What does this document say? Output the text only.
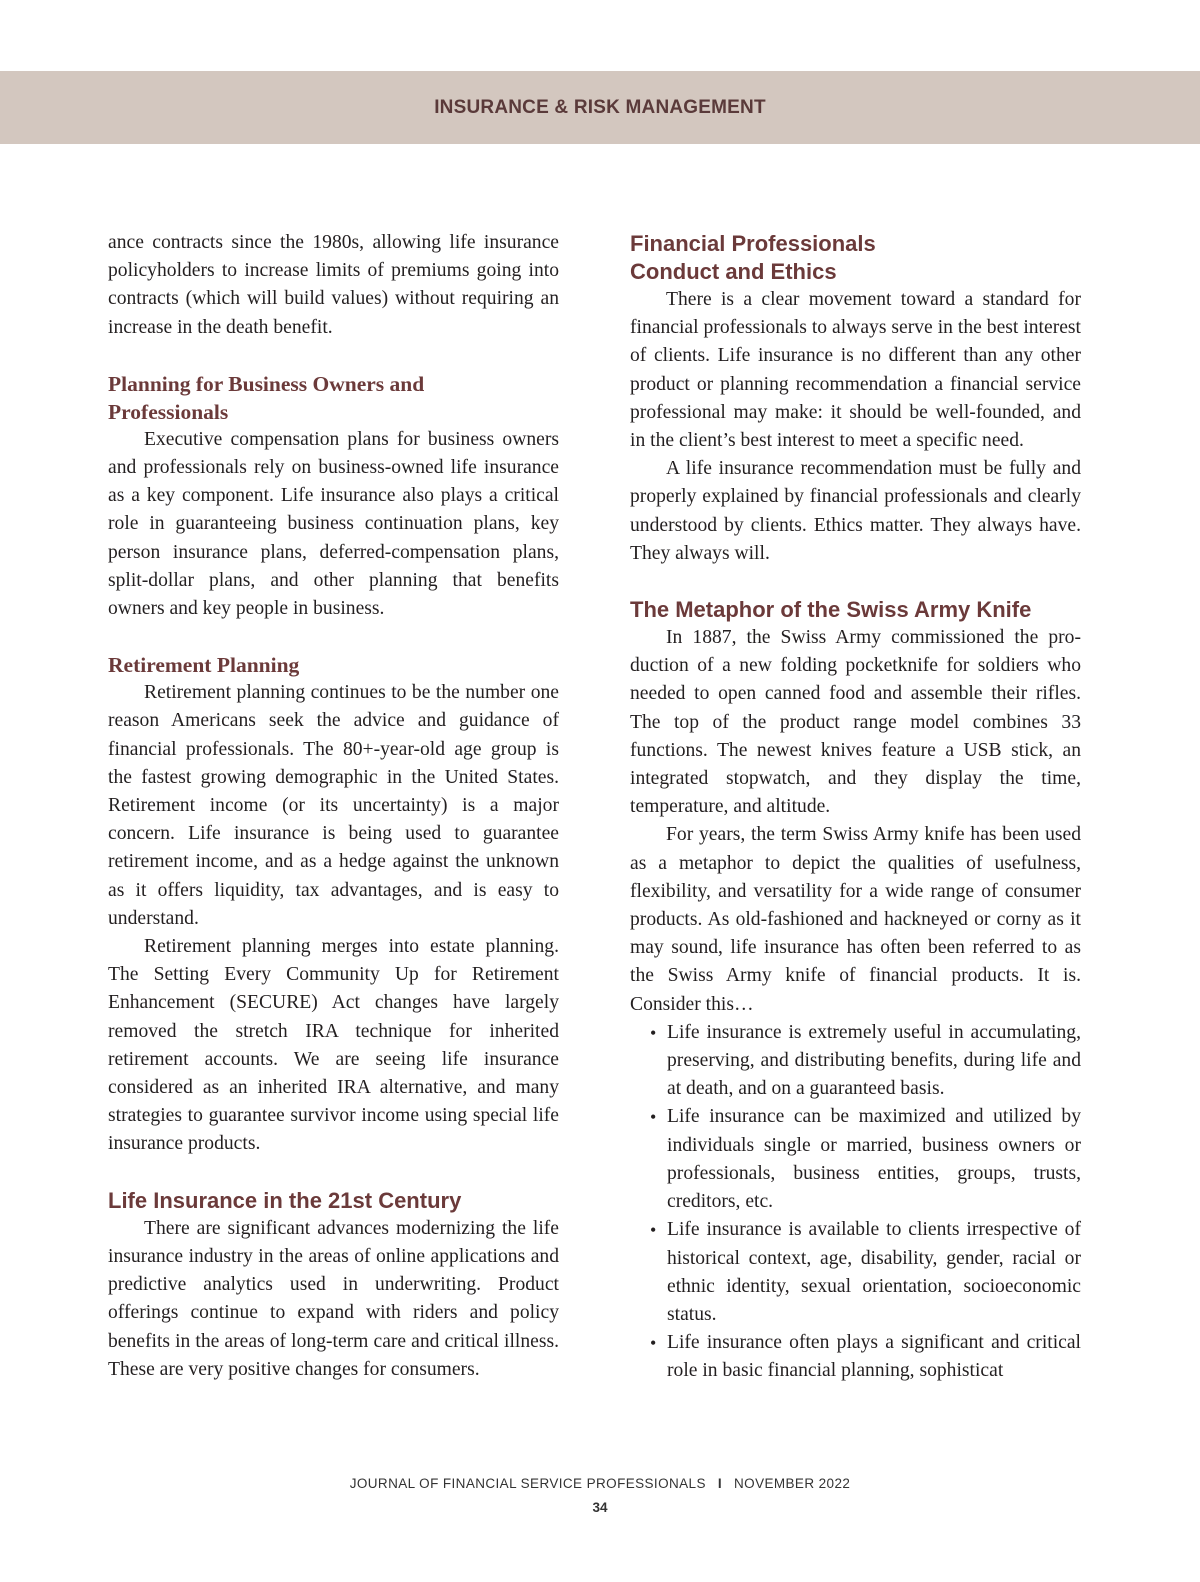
INSURANCE & RISK MANAGEMENT

ance contracts since the 1980s, allowing life insurance policyholders to increase limits of premiums going into contracts (which will build values) without requiring an increase in the death benefit.

Planning for Business Owners and
Professionals

Executive compensation plans for business owners and professionals rely on business-owned life insurance as a key component. Life insurance also plays a critical role in guaranteeing business continuation plans, key person insurance plans, deferred-compensation plans, split-dollar plans, and other planning that benefits owners and key people in business.

Retirement Planning

Retirement planning continues to be the number one reason Americans seek the advice and guidance of financial professionals. The 80+-year-old age group is the fastest growing demographic in the United States. Retirement income (or its uncertainty) is a major concern. Life insurance is being used to guarantee retirement income, and as a hedge against the unknown as it offers liquidity, tax advantages, and is easy to understand.

Retirement planning merges into estate planning. The Setting Every Community Up for Retirement Enhancement (SECURE) Act changes have largely removed the stretch IRA technique for inherited retirement accounts. We are seeing life insurance considered as an inherited IRA alternative, and many strategies to guarantee survivor income using special life insurance products.

Life Insurance in the 21st Century

There are significant advances modernizing the life insurance industry in the areas of online applications and predictive analytics used in underwriting. Product offerings continue to expand with riders and policy benefits in the areas of long-term care and critical illness. These are very positive changes for consumers.

Financial Professionals
Conduct and Ethics

There is a clear movement toward a standard for financial professionals to always serve in the best interest of clients. Life insurance is no different than any other product or planning recommendation a financial service professional may make: it should be well-founded, and in the client’s best interest to meet a specific need.

A life insurance recommendation must be fully and properly explained by financial professionals and clearly understood by clients. Ethics matter. They always have. They always will.

The Metaphor of the Swiss Army Knife

In 1887, the Swiss Army commissioned the production of a new folding pocketknife for soldiers who needed to open canned food and assemble their rifles. The top of the product range model combines 33 functions. The newest knives feature a USB stick, an integrated stopwatch, and they display the time, temperature, and altitude.

For years, the term Swiss Army knife has been used as a metaphor to depict the qualities of usefulness, flexibility, and versatility for a wide range of consumer products. As old-fashioned and hackneyed or corny as it may sound, life insurance has often been referred to as the Swiss Army knife of financial products. It is. Consider this…

• Life insurance is extremely useful in accumulating, preserving, and distributing benefits, during life and at death, and on a guaranteed basis.
• Life insurance can be maximized and utilized by individuals single or married, business owners or professionals, business entities, groups, trusts, creditors, etc.
• Life insurance is available to clients irrespective of historical context, age, disability, gender, racial or ethnic identity, sexual orientation, socioeconomic status.
• Life insurance often plays a significant and critical role in basic financial planning, sophisticat
JOURNAL OF FINANCIAL SERVICE PROFESSIONALS I NOVEMBER 2022
34
